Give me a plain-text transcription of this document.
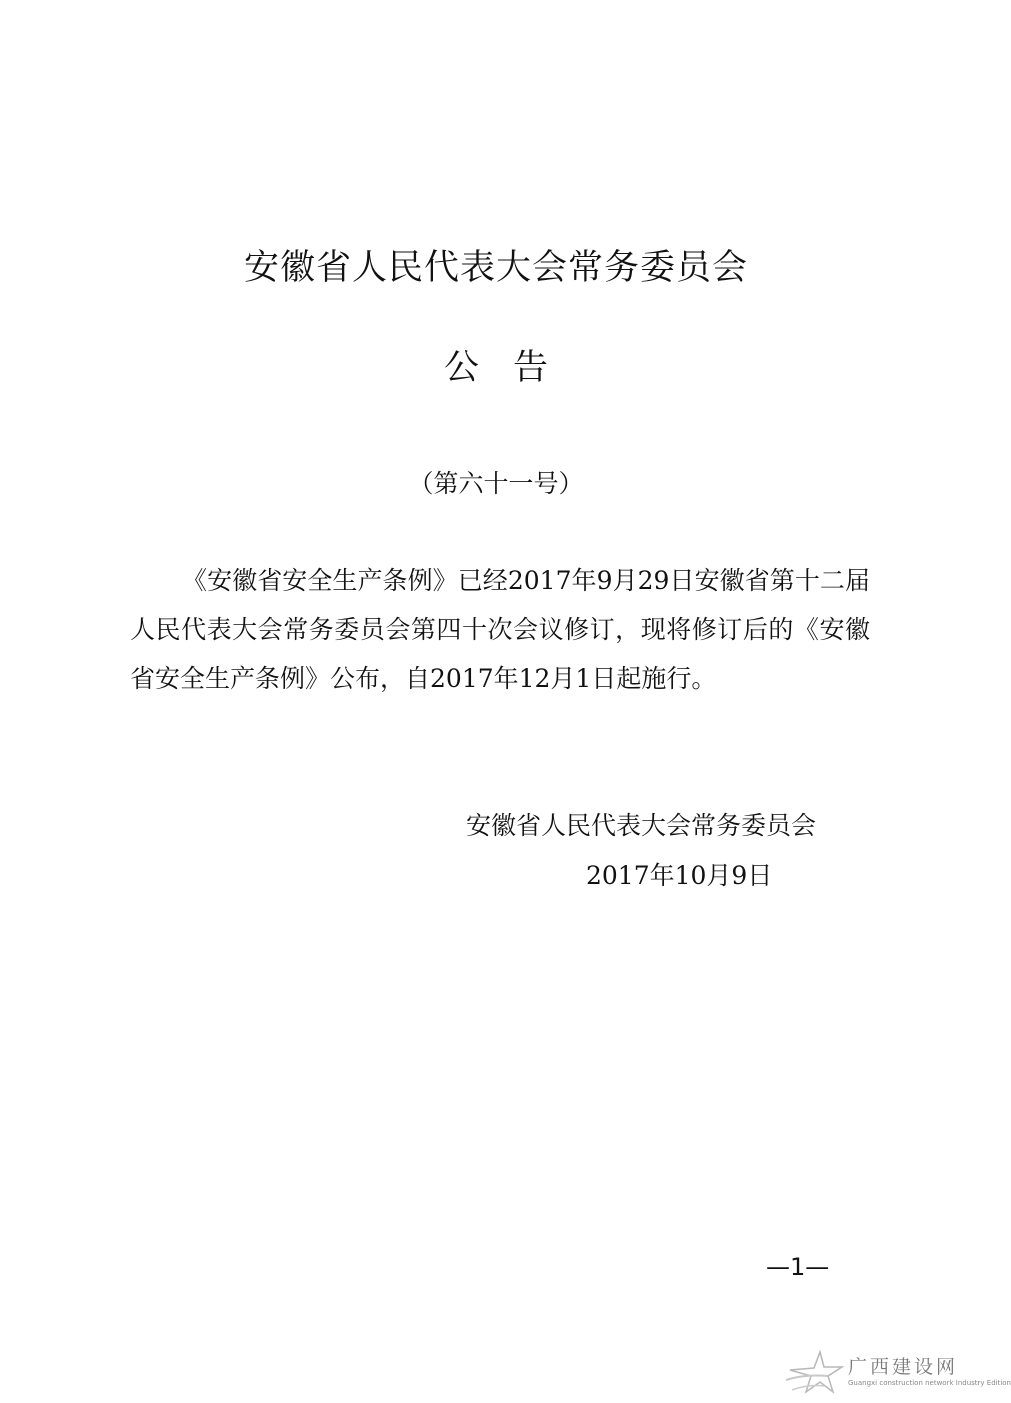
安徽省人民代表大会常务委员会
公告
（第六十一号）

《安徽省安全生产条例》已经2017年9月29日安徽省第十二届人民代表大会常务委员会第四十次会议修订，现将修订后的《安徽省安全生产条例》公布，自2017年12月1日起施行。

安徽省人民代表大会常务委员会
2017年10月9日
—1—
广西建设网
Guangxi construction network Industry Edition
